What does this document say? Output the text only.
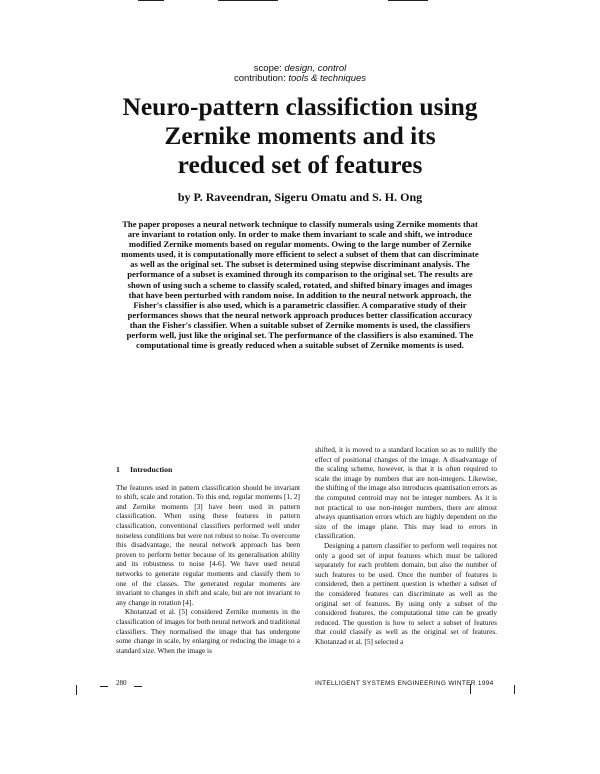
scope: design, control
contribution: tools & techniques
Neuro-pattern classifiction using
Zernike moments and its
reduced set of features
by P. Raveendran, Sigeru Omatu and S. H. Ong
The paper proposes a neural network technique to classify numerals using Zernike moments that are invariant to rotation only. In order to make them invariant to scale and shift, we introduce modified Zernike moments based on regular moments. Owing to the large number of Zernike moments used, it is computationally more efficient to select a subset of them that can discriminate as well as the original set. The subset is determined using stepwise discriminant analysis. The performance of a subset is examined through its comparison to the original set. The results are shown of using such a scheme to classify scaled, rotated, and shifted binary images and images that have been perturbed with random noise. In addition to the neural network approach, the Fisher's classifier is also used, which is a parametric classifier. A comparative study of their performances shows that the neural network approach produces better classification accuracy than the Fisher's classifier. When a suitable subset of Zernike moments is used, the classifiers perform well, just like the original set. The performance of the classifiers is also examined. The computational time is greatly reduced when a suitable subset of Zernike moments is used.
1 Introduction

The features used in pattern classification should be invariant to shift, scale and rotation. To this end, regular moments [1, 2] and Zernike moments [3] have been used in pattern classification. When using these features in pattern classification, conventional classifiers performed well under noiseless conditions but were not robust to noise. To overcome this disadvantage, the neural network approach has been proven to perform better because of its generalisation ability and its robustness to noise [4-6]. We have used neural networks to generate regular moments and classify them to one of the classes. The generated regular moments are invariant to changes in shift and scale, but are not invariant to any change in rotation [4].

Khotanzad et al. [5] considered Zernike moments in the classification of images for both neural network and traditional classifiers. They normalised the image that has undergone some change in scale, by enlarging or reducing the image to a standard size. When the image is

shifted, it is moved to a standard location so as to nullify the effect of positional changes of the image. A disadvantage of the scaling scheme, however, is that it is often required to scale the image by numbers that are non-integers. Likewise, the shifting of the image also introduces quantisation errors as the computed centroid may not be integer numbers. As it is not practical to use non-integer numbers, there are almost always quantisation errors which are highly dependent on the size of the image plane. This may lead to errors in classification.

Designing a pattern classifier to perform well requires not only a good set of input features which must be tailored separately for each problem domain, but also the number of such features to be used. Once the number of features is considered, then a pertinent question is whether a subset of the considered features can discriminate as well as the original set of features. By using only a subset of the considered features, the computational time can be greatly reduced. The question is how to select a subset of features that could classify as well as the original set of features. Khotanzad et al. [5] selected a

280	INTELLIGENT SYSTEMS ENGINEERING WINTER 1994
